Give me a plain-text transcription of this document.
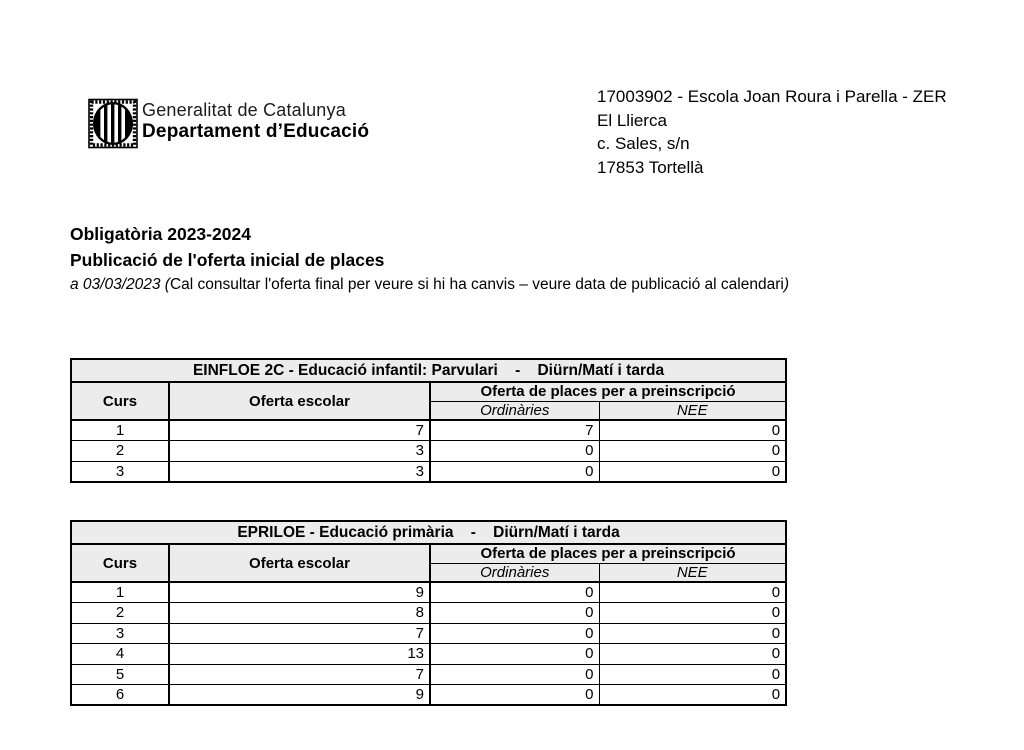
Generalitat de Catalunya
Departament d’Educació
17003902 - Escola Joan Roura i Parella - ZER
El Llierca
c. Sales, s/n
17853 Tortellà
Obligatòria 2023-2024
Publicació de l'oferta inicial de places
a 03/03/2023 (Cal consultar l'oferta final per veure si hi ha canvis – veure data de publicació al calendari)
EINFLOE 2C - Educació infantil: Parvulari    -    Diürn/Matí i tarda			
Curs	Oferta escolar	Oferta de places per a preinscripció	
		Ordinàries	NEE
1	7	7	0
2	3	0	0
3	3	0	0
EPRILOE - Educació primària    -    Diürn/Matí i tarda			
Curs	Oferta escolar	Oferta de places per a preinscripció	
		Ordinàries	NEE
1	9	0	0
2	8	0	0
3	7	0	0
4	13	0	0
5	7	0	0
6	9	0	0
